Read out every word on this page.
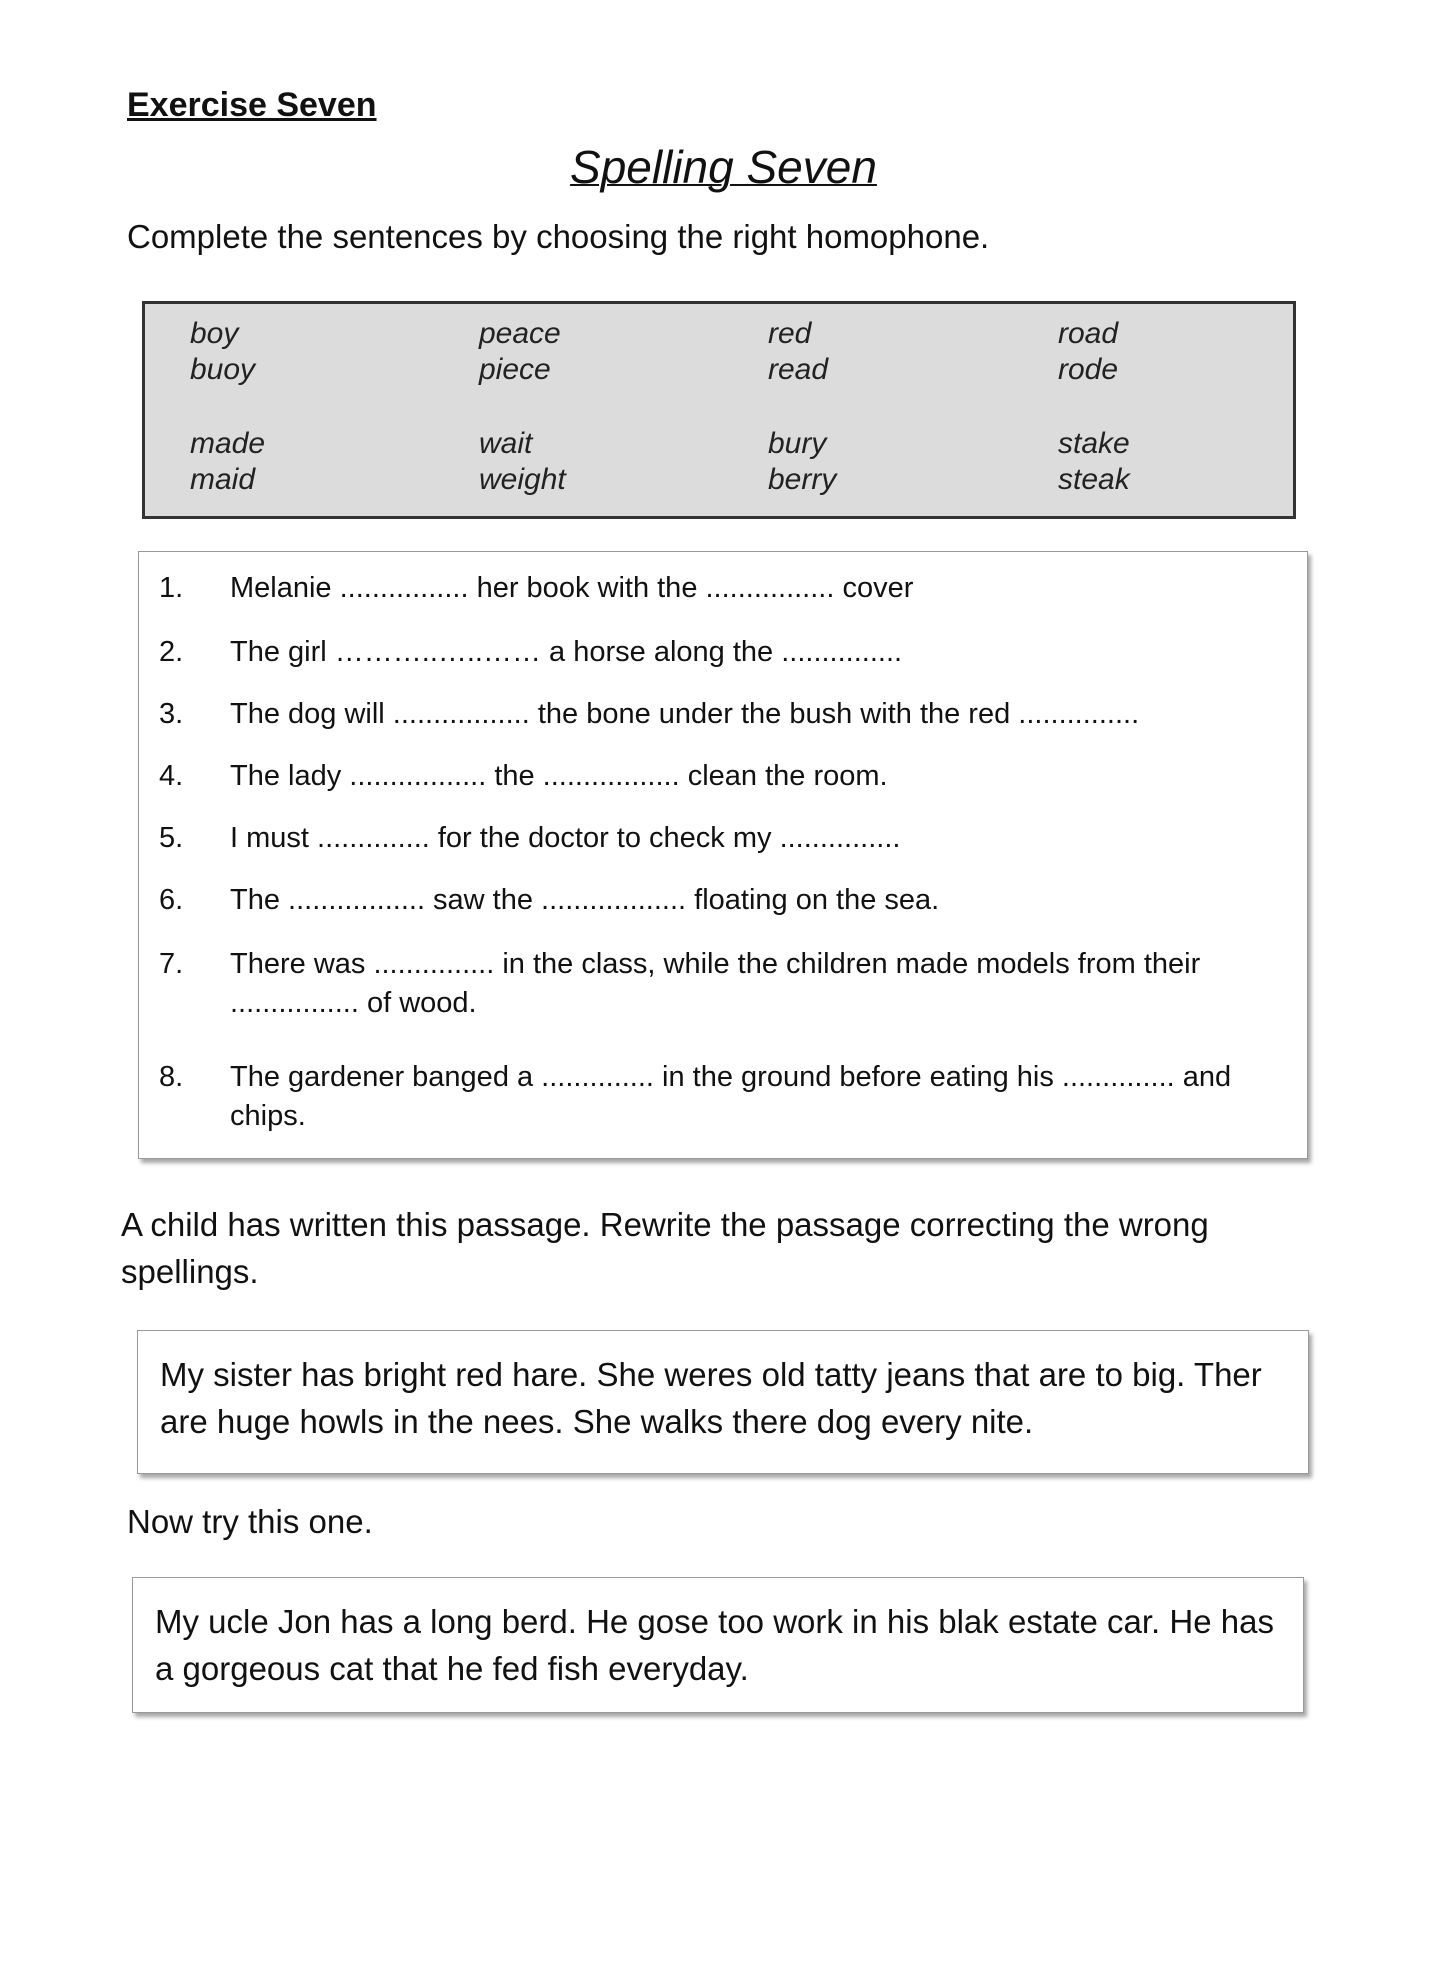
Exercise Seven
Spelling Seven
Complete the sentences by choosing the right homophone.
boy
buoy
peace
piece
red
read
road
rode
made
maid
wait
weight
bury
berry
stake
steak
1. Melanie ................ her book with the ................ cover
2. The girl ………..…..…… a horse along the ...............
3. The dog will ................. the bone under the bush with the red ...............
4. The lady ................. the ................. clean the room.
5. I must .............. for the doctor to check my ...............
6. The ................. saw the .................. floating on the sea.
7. There was ............... in the class, while the children made models from their ................ of wood.
8. The gardener banged a .............. in the ground before eating his .............. and chips.
A child has written this passage. Rewrite the passage correcting the wrong spellings.
My sister has bright red hare. She weres old tatty jeans that are to big. Ther are huge howls in the nees. She walks there dog every nite.
Now try this one.
My ucle Jon has a long berd. He gose too work in his blak estate car. He has a gorgeous cat that he fed fish everyday.
